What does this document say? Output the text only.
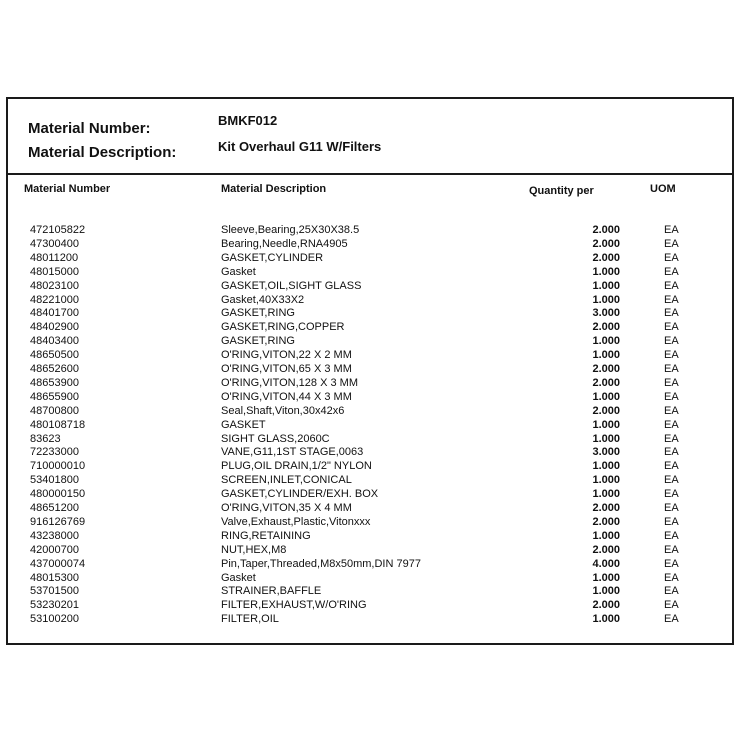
Material Number:	BMKF012
Material Description:	Kit Overhaul G11 W/Filters
Material Number	Material Description	Quantity per	UOM
472105822	Sleeve,Bearing,25X30X38.5	2.000	EA
47300400	Bearing,Needle,RNA4905	2.000	EA
48011200	GASKET,CYLINDER	2.000	EA
48015000	Gasket	1.000	EA
48023100	GASKET,OIL,SIGHT GLASS	1.000	EA
48221000	Gasket,40X33X2	1.000	EA
48401700	GASKET,RING	3.000	EA
48402900	GASKET,RING,COPPER	2.000	EA
48403400	GASKET,RING	1.000	EA
48650500	O'RING,VITON,22 X 2 MM	1.000	EA
48652600	O'RING,VITON,65 X 3 MM	2.000	EA
48653900	O'RING,VITON,128 X 3 MM	2.000	EA
48655900	O'RING,VITON,44 X 3 MM	1.000	EA
48700800	Seal,Shaft,Viton,30x42x6	2.000	EA
480108718	GASKET	1.000	EA
83623	SIGHT GLASS,2060C	1.000	EA
72233000	VANE,G11,1ST STAGE,0063	3.000	EA
710000010	PLUG,OIL DRAIN,1/2" NYLON	1.000	EA
53401800	SCREEN,INLET,CONICAL	1.000	EA
480000150	GASKET,CYLINDER/EXH. BOX	1.000	EA
48651200	O'RING,VITON,35 X 4 MM	2.000	EA
916126769	Valve,Exhaust,Plastic,Vitonxxx	2.000	EA
43238000	RING,RETAINING	1.000	EA
42000700	NUT,HEX,M8	2.000	EA
437000074	Pin,Taper,Threaded,M8x50mm,DIN 7977	4.000	EA
48015300	Gasket	1.000	EA
53701500	STRAINER,BAFFLE	1.000	EA
53230201	FILTER,EXHAUST,W/O'RING	2.000	EA
53100200	FILTER,OIL	1.000	EA
